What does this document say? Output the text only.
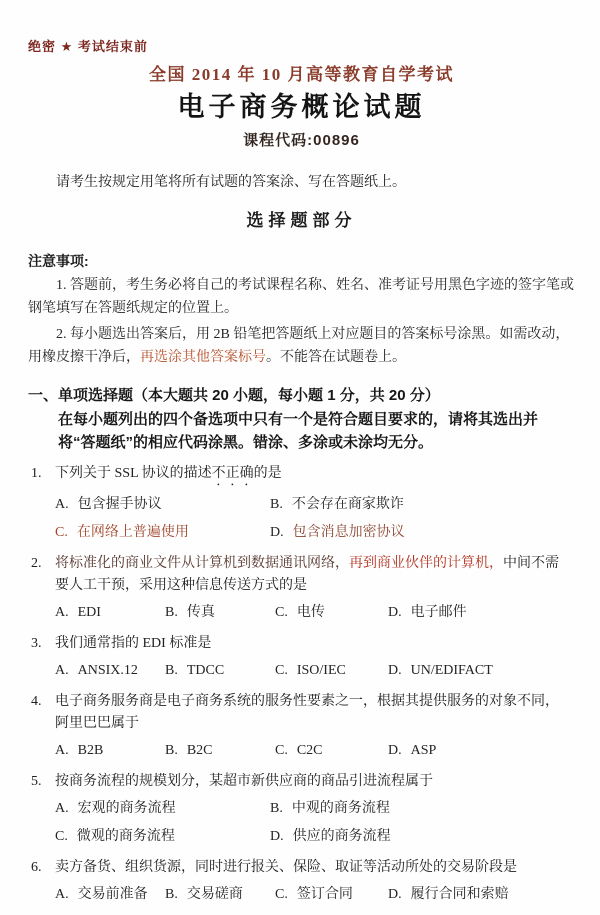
绝密 ★ 考试结束前
全国 2014 年 10 月高等教育自学考试
电子商务概论试题
课程代码:00896

请考生按规定用笔将所有试题的答案涂、写在答题纸上。

选择题部分
注意事项:

1. 答题前，考生务必将自己的考试课程名称、姓名、准考证号用黑色字迹的签字笔或钢笔填写在答题纸规定的位置上。

2. 每小题选出答案后，用 2B 铅笔把答题纸上对应题目的答案标号涂黑。如需改动，用橡皮擦干净后，再选涂其他答案标号。不能答在试题卷上。

一、单项选择题（本大题共 20 小题，每小题 1 分，共 20 分）
在每小题列出的四个备选项中只有一个是符合题目要求的，请将其选出并将“答题纸”的相应代码涂黑。错涂、多涂或未涂均无分。
1. 下列关于 SSL 协议的描述不正确的是
A. 包含握手协议	B. 不会存在商家欺诈
C. 在网络上普遍使用	D. 包含消息加密协议
2. 将标准化的商业文件从计算机到数据通讯网络，再到商业伙伴的计算机，中间不需要人工干预，采用这种信息传送方式的是
A. EDI	B. 传真	C. 电传	D. 电子邮件
3. 我们通常指的 EDI 标准是
A. ANSIX.12	B. TDCC	C. ISO/IEC	D. UN/EDIFACT
4. 电子商务服务商是电子商务系统的服务性要素之一，根据其提供服务的对象不同，阿里巴巴属于
A. B2B	B. B2C	C. C2C	D. ASP
5. 按商务流程的规模划分，某超市新供应商的商品引进流程属于
A. 宏观的商务流程	B. 中观的商务流程
C. 微观的商务流程	D. 供应的商务流程
6. 卖方备货、组织货源，同时进行报关、保险、取证等活动所处的交易阶段是
A. 交易前准备	B. 交易磋商	C. 签订合同	D. 履行合同和索赔
